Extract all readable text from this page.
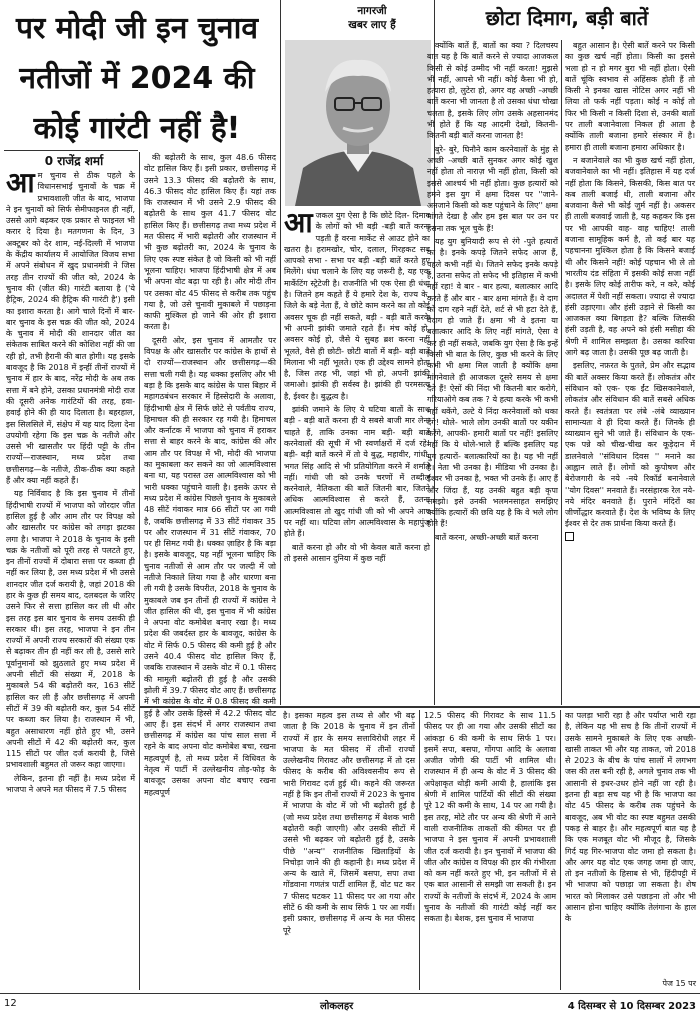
पर मोदी जी इन चुनाव नतीजों में 2024 की कोई गारंटी नहीं है!
0 राजेंद्र शर्मा

आम चुनाव से ठीक पहले के विधानसभाई चुनावों के चक्र में प्रभावशाली जीत के बाद, भाजपा ने इन चुनावों को सिर्फ सेमीफाइनल ही नहीं, उससे आगे बढ़कर एक प्रकार से फाइनल भी करार दे दिया है। मतगणना के दिन, 3 अक्टूबर को देर शाम, नई-दिल्ली में भाजपा के केंद्रीय कार्यालय में आयोजित विजय सभा में अपने संबोधन में खुद प्रधानमंत्री ने जिस तरह तीन राज्यों की जीत को, 2024 के चुनाव की (जीत की) गारंटी बताया है ('ये हैट्रिक, 2024 की हैट्रिक की गारंटी है') इसी का इशारा करता है। आगे चाले दिनों में बार-बार चुनाव के इस चक्र की जीत को, 2024 के चुनाव में मोदी की शानदार जीत का संकेतक साबित करने की कोशिश नहीं की जा रही हो, तभी हैरानी की बात होगी। यह इसके बावजूद है कि 2018 में इन्हीं तीनों राज्यों में चुनाव में हार के बाद, नरेंद्र मोदी के अब तक सत्ता में बने होने, उसका प्रधानमंत्री मोदी राज की दूसरी अनेक गारंटियों की तरह, हवा-हवाई होने की ही याद दिलाता है। बहरहाल, इस सिलसिले में, संक्षेप में यह याद दिला देना उपयोगी रहेगा कि इस चक्र के नतीजे और उससे भी खासतौर पर हिंदी पट्टी के तीन राज्यों—राजस्थान, मध्य प्रदेश तथा छत्तीसगढ़—के नतीजे, ठीक-ठीक क्या कहते हैं और क्या नहीं कहते हैं।

यह निर्विवाद है कि इस चुनाव में तीनों हिंदीभाषी राज्यों में भाजपा को जोरदार जीत हासिल हुई है और आम तौर पर विपक्ष को और खासतौर पर कांग्रेस को तगड़ा झटका लगा है। भाजपा ने 2018 के चुनाव के इसी चक्र के नतीजों को पूरी तरह से पलटते हुए, इन तीनों राज्यों में दोबारा सत्ता पर कब्जा ही नहीं कर लिया है, उस मध्य प्रदेश में भी उससे शानदार जीत दर्ज करायी है, जहां 2018 की हार के कुछ ही समय बाद, दलबदल के जरिए उसने फिर से सत्ता हासिल कर ली थी और इस तरह इस बार चुनाव के समय उसकी ही सरकार थी। इस तरह, भाजपा ने इन तीन राज्यों में अपनी राज्य सरकारों की संख्या एक से बढ़ाकर तीन ही नहीं कर ली है, उससे सारे पूर्वानुमानों को झुठलाते हुए मध्य प्रदेश में अपनी सीटों की संख्या में, 2018 के मुकाबले 54 की बढ़ोतरी कर, 163 सीटें हासिल कर ली हैं और छत्तीसगढ़ में अपनी सीटों में 39 की बढ़ोतरी कर, कुल 54 सीटें पर कब्जा कर लिया है। राजस्थान में भी, बहुत असाधारण नहीं होते हुए भी, उसने अपनी सीटों में 42 की बढ़ोतरी कर, कुल 115 सीटों पर जीत दर्ज करायी है, जिसे प्रभावशाली बहुमत तो जरूर कहा जाएगा।

लेकिन, इतना ही नहीं है। मध्य प्रदेश में भाजपा ने अपने मत फीसद में 7.5 फीसद

की बढ़ोतरी के साथ, कुल 48.6 फीसद वोट हासिल किए हैं। इसी प्रकार, छत्तीसगढ़ में उसने 13.3 फीसद की बढ़ोतरी के साथ, 46.3 फीसद वोट हासिल किए हैं। यहां तक कि राजस्थान में भी उसने 2.9 फीसद की बढ़ोतरी के साथ कुल 41.7 फीसद वोट हासिल किए हैं। छत्तीसगढ़ तथा मध्य प्रदेश में मत फीसद में भारी बढ़ोतरी और राजस्थान में भी कुछ बढ़ोतरी का, 2024 के चुनाव के लिए एक स्पष्ट संकेत है जो किसी को भी नहीं भूलना चाहिए। भाजपा हिंदीभाषी क्षेत्र में अब भी अपना वोट बढ़ा पा रही है। और मोदी तीन पर उसका वोट 45 फीसद से करीब तक पहुंच गया है, जो उसे चुनावी मुकाबले में पछाड़ना काफी मुश्किल हो जाने की ओर ही इशारा करता है।

दूसरी ओर, इस चुनाव में आमतौर पर विपक्ष के और खासतौर पर कांग्रेस के हाथों से दो राज्यों—राजस्थान और छत्तीसगढ़—की सत्ता चली गयी है। यह धक्का इसलिए और भी बड़ा है कि इसके बाद कांग्रेस के पास बिहार में महागठबंधन सरकार में हिस्सेदारी के अलावा, हिंदीभाषी क्षेत्र में सिर्फ छोटे से पर्वतीय राज्य, हिमाचल की ही सरकार रह गयी है। हिमाचल और कर्नाटक में भाजपा को चुनाव में हराकर सत्ता से बाहर करने के बाद, कांग्रेस की और आम तौर पर विपक्ष में भी, मोदी की भाजपा का मुकाबला कर सकने का जो आत्मविश्वास बना था, यह परास्त उस आत्मविश्वास को भी भारी धक्का पहुंचाने वाली है। इसके ऊपर से मध्य प्रदेश में कांग्रेस पिछले चुनाव के मुकाबले 48 सीटें गंवाकर मात्र 66 सीटों पर आ गयी है, जबकि छत्तीसगढ़ में 33 सीटें गंवाकर 35 पर और राजस्थान में 31 सीटें गंवाकर, 70 पर ही सिमट गयी है। धक्का ज़ाहिर है कि बड़ा है। इसके बावजूद, यह नहीं भूलना चाहिए कि चुनाव नतीजों से आम तौर पर जल्दी में जो नतीजे निकाले लिया गया है और धारणा बना ली गयी है उसके विपरीत, 2018 के चुनाव के मुकाबले जब इन तीनों ही राज्यों में कांग्रेस ने जीत हासिल की थी, इस चुनाव में भी कांग्रेस ने अपना वोट कमोबेश बनाए रखा है। मध्य प्रदेश की जबर्दस्त हार के बावजूद, कांग्रेस के वोट में सिर्फ 0.5 फीसद की कमी हुई है और उसने 40.4 फीसद वोट हासिल किए हैं, जबकि राजस्थान में उसके वोट में 0.1 फीसद की मामूली बढ़ोतरी ही हुई है और उसकी झोली में 39.7 फीसद वोट आए हैं। छत्तीसगढ़ में भी कांग्रेस के वोट में 0.8 फीसद की कमी हुई है और उसके हिस्से में 42.2 फीसद वोट आए हैं। इस संदर्भ में अगर राजस्थान तथा छत्तीसगढ़ में कांग्रेस का पांच साल सत्ता में रहने के बाद अपना वोट कमोबेश बचा, रखना महत्वपूर्ण है, तो मध्य प्रदेश में विधिवत के नेतृत्व में पार्टी में उल्लेखनीय तोड़-फोड़ के बावजूद उसका अपना वोट बचाए रखना महत्वपूर्ण

नागरजी
खबर लाए हैं	छोटा दिमाग, बड़ी बातें

आजकल युग ऐसा है कि छोटे दिल- दिमाग के लोगों को भी बड़ी -बड़ी बातें करना पड़ती हैं वरना मार्केट से आउट होने का खतरा है। हरामखोर, चोर, दलाल, गिरहकट सब आपको सभा - सभा पर बड़ी -बड़ी बातें करते हुए मिलेंगे। धंधा चलाने के लिए यह जरूरी है, यह एक मार्केटिंग स्ट्रेटेजी है। राजनीति भी एक ऐसा ही धंधा है। जितने हम कहते हैं ये हमारे देश के, राज्य के, जिले के बड़े नेता हैं, वे छोटे काम करने का तो कोई अवसर चूक ही नहीं सकते, बड़ी - बड़ी बातें करके भी अपनी झांकी जमाते रहते हैं। मंच कोई हो, अवसर कोई हो, जैसे ये सुबह ब्रश करना नहीं भूलते, वैसे ही छोटी- छोटी बातों में बड़ी- बड़ी बातें मिलाना भी नहीं भूलते। एक ही उद्देश्य सामने होता है, जिस तरह भी, जहां भी हो, अपनी झांकी जमाओ। झांकी ही सर्वस्व है। झांकी ही परमसत्य है, ईश्वर है। बुद्धत्व है।

झांकी जमाने के लिए ये घटिया बातों के साथ बड़ी - बड़ी बातें करना ही ये सबसे बाजी मार लेना चाहते हैं, ताकि उनका नाम बड़ी- बड़ी बातें करनेवालों की सूची में भी स्वर्णाक्षरों में दर्ज रहे! बड़ी- बड़ी बातें करने में तो ये बुद्ध, महावीर, गांधी, भगत सिंह आदि से भी प्रतियोगिता करने में शर्माते नहीं। गांधी जी को उनके चरणों में तब्दील करनेवाले, नैतिकता की बातें जितनी बार, जितने अधिक आत्मविश्वास से करते हैं, उतना आत्मविश्वास तो खुद गांधी जी को भी अपने आप पर नहीं था। घटिया लोग आत्मविश्वास के महापुंज होते हैं।

बातें करना हो और वो भी केवल बातें करना हो तो इससे आसान दुनिया में कुछ नहीं

क्योंकि बातें हैं, बातों का क्या ? दिलचस्प बात यह है कि बातें करने से ज्यादा आजकल किसी से कोई उम्मीद भी नहीं करता! मुझसे भी नहीं, आपसे भी नहीं। कोई कैसा भी हो, हत्यारा हो, लुटेरा हो, अगर वह अच्छी -अच्छी बातें करना भी जानता है तो उसका धंधा चोखा चलता है, इसके लिए लोग उसके अहसानमंद भी होते हैं कि यह आदमी देखो, कितनी- कितनी बड़ी बातें करना जानता है!

बुरे- बुरे, घिनौने काम करनेवालों के मुंह से अच्छी -अच्छी बातें सुनकर अगर कोई खुश नहीं होता तो नाराज़ भी नहीं होता, किसी को इससे आश्चर्य भी नहीं होता। कुछ हत्यारों को हमने इस युग में क्षमा दिवस पर ''जाने-अनजाने किसी को कष्ट पहुंचाने के लिए'' क्षमा मांगते देखा है और हम इस बात पर उन पर हंसना तक भूल चुके हैं!

यह युग बुनियादी रूप से रंगे -पुते हत्यारों का है। इनके कपड़े जितने सफेद आज हैं, पहले कभी नहीं थे। जितने सफेद इनके कपड़े हैं, उतना सफेद तो सफेद भी इतिहास में कभी नहीं रहा! वे बार - बार हत्या, बलात्कार आदि करते हैं और बार - बार क्षमा मांगते हैं। वे दाग को दाग रहने नहीं देते, शर्ट से भी हटा देते हैं, वैदाग हो जाते हैं। क्षमा भी वे इतना या बलात्कार आदि के लिए नहीं मांगते, ऐसा वे कर ही नहीं सकते, जबकि युग ऐसा है कि इन्हें किसी भी बात के लिए, कुछ भी करने के लिए कभी भी क्षमा मिल जाती है क्योंकि क्षमा मांगनेवाले ही आजकल दूसरे समय से क्षमा देते हैं! ऐसों की निंदा भी कितनी बार करोगे, गरियाओगे कब तक ? ये हत्या करके भी कभी नहीं थकेंगे, उल्टे ये निंदा करनेवालों को थका देंगे! थोले- भाले लोग उनकी बातों पर यकीन करेंगे, आपकी- हमारी बातों पर नहीं! इसलिए नहीं कि ये थोले-भाले हैं बल्कि इसलिए यह युग हत्यारों- बलात्कारियों का है। यह भी नहीं है। नेता भी उनका है। मीडिया भी उनका है। ईश्वर भी उनका है, भक्त भी उनके हैं। आए हैं और जिंदा हैं, यह उनकी बहुत बड़ी कृपा समझो। इसे उनकी भलमनसाहत समझिए क्योंकि हत्यारों की छवि यह है कि वे भले लोग होते हैं!

बातें करना, अच्छी-अच्छी बातें करना

बहुत आसान है। ऐसी बातें करने पर किसी का कुछ खर्च नहीं होता। किसी का इससे भला हो न हो मगर बुरा भी नहीं होता। ऐसी बातें चूंकि स्वभाव से अहिंसक होती हैं तो किसी ने इनका खास नोटिस अगर नहीं भी लिया तो फर्क नहीं पड़ता। कोई न कोई तो फिर भी किसी न किसी दिशा से, उनकी बातों पर ताली बजानेवाला निकल ही आता है क्योंकि ताली बजाना हमारे संस्कार में है। हमारा ही ताली बजाना हमारा अधिकार है।

न बजानेवाले का भी कुछ खर्च नहीं होता, बजवानेवाले का भी नहीं। इतिहास में यह दर्ज नहीं होता कि किसने, किसकी, किस बात पर कब ताली बजाई थी, ताली बजाना और बजवाना कैसे भी कोई जुर्म नहीं है। अकसर ही ताली बजवाई जाती है, यह कहकर कि इस पर भी आपकी वाह- वाह चाहिए! ताली बजाना सामूहिक कर्म है, तो कई बार यह पहचानना मुश्किल होता है कि किसने बजाई थी और किसने नहीं! कोई पहचान भी ले तो भारतीय दंड संहिता में इसकी कोई सजा नहीं है। इसके लिए कोई तारीफ करे, न करे, कोई अदालत में पेशी नहीं सकता। ज्यादा से ज्यादा हंसी उड़ाएगा। और हंसी उड़ाने से किसी का आजकल क्या बिगड़ता है? बल्कि जिसकी हंसी उड़ती है, वह अपने को हंसी मसीहा की श्रेणी में शामिल समझता है। उसका कारिया आगे बढ़ जाता है। उसकी पूछ बढ़ जाती है।

इसलिए, नफ़रत के पुतले, प्रेम और सद्भाव की बातें अक्सर किया करते हैं। लोकतंत्र और संविधान को एक- एक ईंट खिसकानेवाले, लोकतंत्र और संविधान की बातें सबसे अधिक करते हैं। स्वतंत्रता पर लंबे -लंबे व्याख्यान सामान्यतः वे ही दिया करते हैं। जिनके ही व्याख्यान सुने भी जाते हैं। संविधान के एक- एक पन्ने को चीख-चीख कर कूड़ेदान में डालनेवाले ''संविधान दिवस '' मनाने का आह्वान लाते हैं। लोगों को कुपोषण और बेरोजगारी के नये -नये रिकॉर्ड बनानेवाले ''योग दिवस'' मनवाते हैं। नरसंहारक रेल नये- नये मंदिर बनवाते हैं। पुराने मंदिरों का जीर्णोद्धार करवाते हैं। देश के भविष्य के लिए ईश्वर से देर तक प्रार्थना किया करते हैं।

है। इसका महत्व इस तथ्य से और भी बढ़ जाता है कि 2018 के चुनाव में इन तीनों राज्यों में हार के समय सत्ताविरोधी लहर में भाजपा के मत फीसद में तीनों राज्यों उल्लेखनीय गिरावट और छत्तीसगढ़ में तो दस फीसद के करीब की अविश्वसनीय रूप से भारी गिरावट दर्ज हुई थी। कहने की जरूरत नहीं है कि इन तीनों राज्यों में 2023 के चुनाव में भाजपा के वोट में जो भी बढ़ोतरी हुई है (जो मध्य प्रदेश तथा छत्तीसगढ़ में बेशक भारी बढ़ोतरी कही जाएगी) और उसकी सीटों में उससे भी बढ़कर जो बढ़ोतरी हुई है, उसके पीछे ''अन्य'' राजनीतिक खिलाड़ियों के निचोड़ा जाने की ही कहानी है। मध्य प्रदेश में अन्य के खाते में, जिसमें बसपा, सपा तथा गोंडवाना गणतंत्र पार्टी शामिल हैं, वोट घट कर 7 फीसद घटकर 11 फीसद पर आ गया और सीटें 6 की कमी के साथ सिर्फ 1 पर आ गयीं। इसी प्रकार, छत्तीसगढ़ में अन्य के मत फीसद पूरे

12.5 फीसद की गिरावट के साथ 11.5 फीसद पर ही आ गया और उसकी सीटों का आंकड़ा 6 की कमी के साथ सिर्फ 1 पर। इसमें सपा, बसपा, गोंगपा आदि के अलावा अजीत जोगी की पार्टी भी शामिल थी। राजस्थान में ही अन्य के वोट में 3 फीसद की अपेक्षाकृत थोड़ी कमी आयी है, हालांकि इस श्रेणी में शामिल पार्टियों की सीटों की संख्या पूरे 12 की कमी के साथ, 14 पर आ गयी है। इस तरह, मोटे तौर पर अन्य की श्रेणी में आने वाली राजनीतिक ताकतों की कीमत पर ही भाजपा ने इस चुनाव में अपनी प्रभावशाली जीत दर्ज करायी है। इन चुनावों में भाजपा की जीत और कांग्रेस व विपक्ष की हार की गंभीरता को कम नहीं करते हुए भी, इन नतीजों में से एक बात आसानी से समझी जा सकती है। इन राज्यों के नतीजों के संदर्भ में, 2024 के आम चुनाव के नतीजों की गारंटी कोई नहीं कर सकता है। बेशक, इस चुनाव में भाजपा

का पलड़ा भारी रहा है और पर्याप्त भारी रहा है, लेकिन यह भी सच है कि तीनों राज्यों में उसके सामने मुकाबले के लिए एक अच्छी-खासी ताकत भी और यह ताकत, जो 2018 से 2023 के बीच के पांच सालों में लगभग जस की तस बनी रही है, अगले चुनाव तक भी आसानी से इधर-उधर होने नहीं जा रही है। इतना ही बड़ा सच यह भी है कि भाजपा का वोट 45 फीसद के करीब तक पहुंचने के बावजूद, अब भी वोट का स्पष्ट बहुमत उसकी पकड़ से बाहर है। और महत्वपूर्ण बात यह है कि एक मजबूत वोट भी मौजूद है, जिसके गिर्द यह गिर-भाजपा वोट जमा हो सकता है। और अगर यह वोट एक जगह जमा हो जाए, तो इन नतीजों के हिसाब से भी, हिंदीपट्टी में भी भाजपा को पछाड़ा जा सकता है। शेष भारत को मिलाकर उसे पछाड़ना तो और भी आसान होना चाहिए क्योंकि तेलंगाना के हाल के

पेज 15 पर
12	लोकलहर	4 दिसम्बर से 10 दिसम्बर 2023
